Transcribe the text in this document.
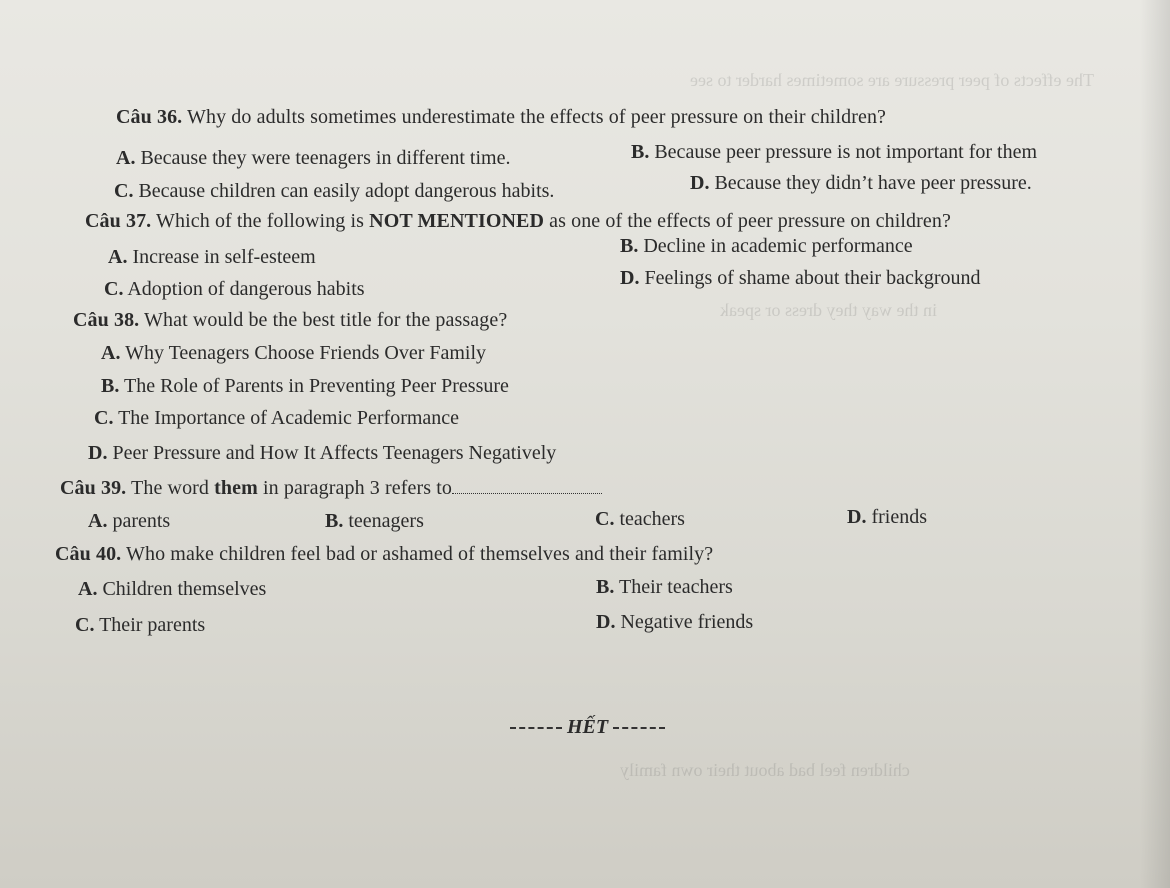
The effects of peer pressure are sometimes harder to see
in the way they dress or speak
children feel bad about their own family
Câu 36. Why do adults sometimes underestimate the effects of peer pressure on their children?
A. Because they were teenagers in different time.	B. Because peer pressure is not important for them
C. Because children can easily adopt dangerous habits.	D. Because they didn’t have peer pressure.
Câu 37. Which of the following is NOT MENTIONED as one of the effects of peer pressure on children?
A. Increase in self-esteem	B. Decline in academic performance
C. Adoption of dangerous habits	D. Feelings of shame about their background
Câu 38. What would be the best title for the passage?
A. Why Teenagers Choose Friends Over Family
B. The Role of Parents in Preventing Peer Pressure
C. The Importance of Academic Performance
D. Peer Pressure and How It Affects Teenagers Negatively
Câu 39. The word them in paragraph 3 refers to
A. parents	B. teenagers	C. teachers	D. friends
Câu 40. Who make children feel bad or ashamed of themselves and their family?
A. Children themselves	B. Their teachers
C. Their parents	D. Negative friends
HẾT
